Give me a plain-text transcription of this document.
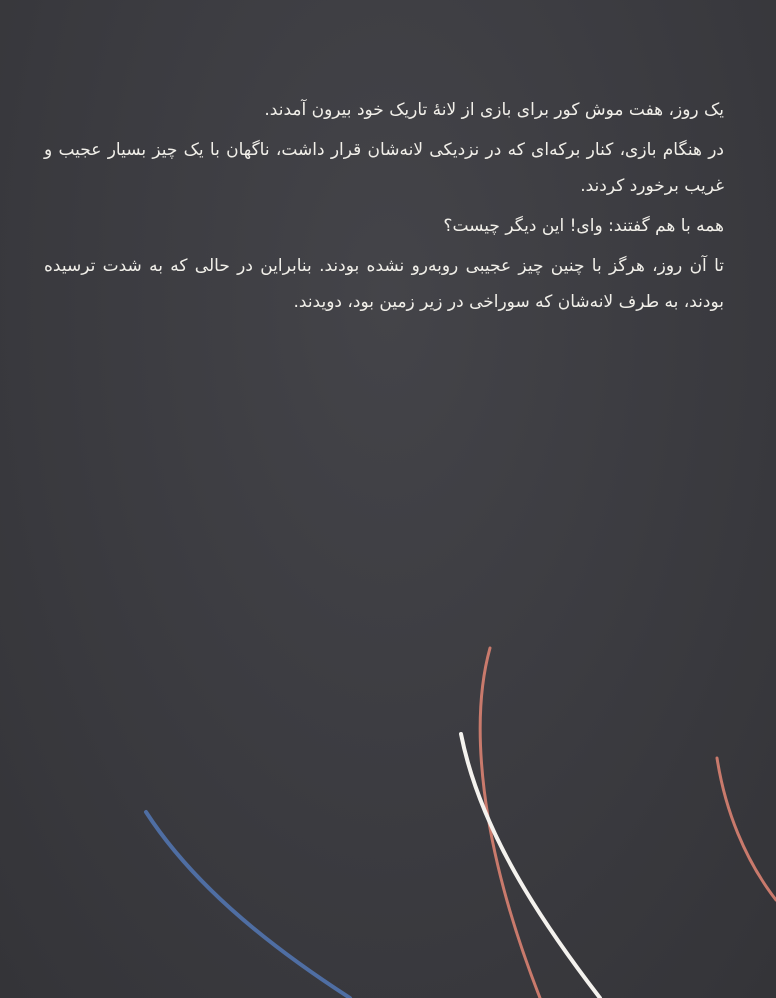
یک روز، هفت موش کور برای بازی از لانهٔ تاریک خود بیرون آمدند.

در هنگام بازی، کنار برکه‌ای که در نزدیکی لانه‌شان قرار داشت، ناگهان با یک چیز بسیار عجیب و غریب برخورد کردند.

همه با هم گفتند: وای! این دیگر چیست؟

تا آن روز، هرگز با چنین چیز عجیبی روبه‌رو نشده بودند. بنابراین در حالی که به شدت ترسیده بودند، به طرف لانه‌شان که سوراخی در زیر زمین بود، دویدند.
